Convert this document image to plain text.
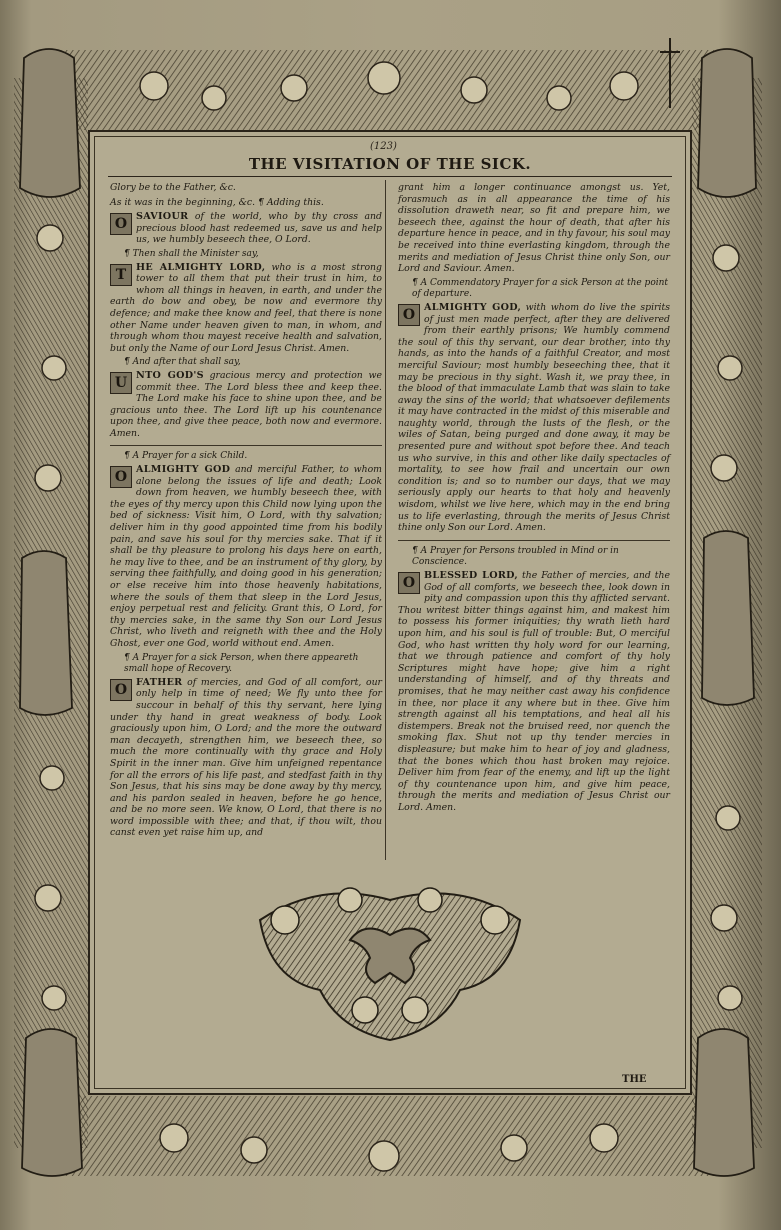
(123)
THE VISITATION OF THE SICK.

Glory be to the Father, &c.

As it was in the beginning, &c. ¶ Adding this.

O SAVIOUR of the world, who by thy cross and precious blood hast redeemed us, save us and help us, we humbly beseech thee, O Lord.

¶ Then shall the Minister say,

T	HE ALMIGHTY LORD, who is a most strong tower to all them that put their trust in him, to whom all things in heaven, in earth, and under the earth do bow and obey, be now and evermore thy defence; and make thee know and feel, that there is none other Name under heaven given to man, in whom, and through whom thou mayest receive health and salvation, but only the Name of our Lord Jesus Christ. Amen.

¶ And after that shall say,

U NTO GOD'S gracious mercy and protection we commit thee. The Lord bless thee and keep thee. The Lord make his face to shine upon thee, and be gracious unto thee. The Lord lift up his countenance upon thee, and give thee peace, both now and evermore. Amen.

¶ A Prayer for a sick Child.

O ALMIGHTY GOD and merciful Father, to whom alone belong the issues of life and death; Look down from heaven, we humbly beseech thee, with the eyes of thy mercy upon this Child now lying upon the bed of sickness: Visit him, O Lord, with thy salvation; deliver him in thy good appointed time from his bodily pain, and save his soul for thy mercies sake. That if it shall be thy pleasure to prolong his days here on earth, he may live to thee, and be an instrument of thy glory, by serving thee faithfully, and doing good in his generation; or else receive him into those heavenly habitations, where the souls of them that sleep in the Lord Jesus, enjoy perpetual rest and felicity. Grant this, O Lord, for thy mercies sake, in the same thy Son our Lord Jesus Christ, who liveth and reigneth with thee and the Holy Ghost, ever one God, world without end. Amen.

¶ A Prayer for a sick Person, when there appeareth small hope of Recovery.

O FATHER of mercies, and God of all comfort, our only help in time of need; We fly unto thee for succour in behalf of this thy servant, here lying under thy hand in great weakness of body. Look graciously upon him, O Lord; and the more the outward man decayeth, strengthen him, we beseech thee, so much the more continually with thy grace and Holy Spirit in the inner man. Give him unfeigned repentance for all the errors of his life past, and stedfast faith in thy Son Jesus, that his sins may be done away by thy mercy, and his pardon sealed in heaven, before he go hence, and be no more seen. We know, O Lord, that there is no word impossible with thee; and that, if thou wilt, thou canst even yet raise him up, and

grant him a longer continuance amongst us. Yet, forasmuch as in all appearance the time of his dissolution draweth near, so fit and prepare him, we beseech thee, against the hour of death, that after his departure hence in peace, and in thy favour, his soul may be received into thine everlasting kingdom, through the merits and mediation of Jesus Christ thine only Son, our Lord and Saviour. Amen.

¶ A Commendatory Prayer for a sick Person at the point of departure.

O ALMIGHTY GOD, with whom do live the spirits of just men made perfect, after they are delivered from their earthly prisons; We humbly commend the soul of this thy servant, our dear brother, into thy hands, as into the hands of a faithful Creator, and most merciful Saviour; most humbly beseeching thee, that it may be precious in thy sight. Wash it, we pray thee, in the blood of that immaculate Lamb that was slain to take away the sins of the world; that whatsoever defilements it may have contracted in the midst of this miserable and naughty world, through the lusts of the flesh, or the wiles of Satan, being purged and done away, it may be presented pure and without spot before thee. And teach us who survive, in this and other like daily spectacles of mortality, to see how frail and uncertain our own condition is; and so to number our days, that we may seriously apply our hearts to that holy and heavenly wisdom, whilst we live here, which may in the end bring us to life everlasting, through the merits of Jesus Christ thine only Son our Lord. Amen.

¶ A Prayer for Persons troubled in Mind or in Conscience.

O BLESSED LORD, the Father of mercies, and the God of all comforts, we beseech thee, look down in pity and compassion upon this thy afflicted servant. Thou writest bitter things against him, and makest him to possess his former iniquities; thy wrath lieth hard upon him, and his soul is full of trouble: But, O merciful God, who hast written thy holy word for our learning, that we through patience and comfort of thy holy Scriptures might have hope; give him a right understanding of himself, and of thy threats and promises, that he may neither cast away his confidence in thee, nor place it any where but in thee. Give him strength against all his temptations, and heal all his distempers. Break not the bruised reed, nor quench the smoking flax. Shut not up thy tender mercies in displeasure; but make him to hear of joy and gladness, that the bones which thou hast broken may rejoice. Deliver him from fear of the enemy, and lift up the light of thy countenance upon him, and give him peace, through the merits and mediation of Jesus Christ our Lord. Amen.

THE
